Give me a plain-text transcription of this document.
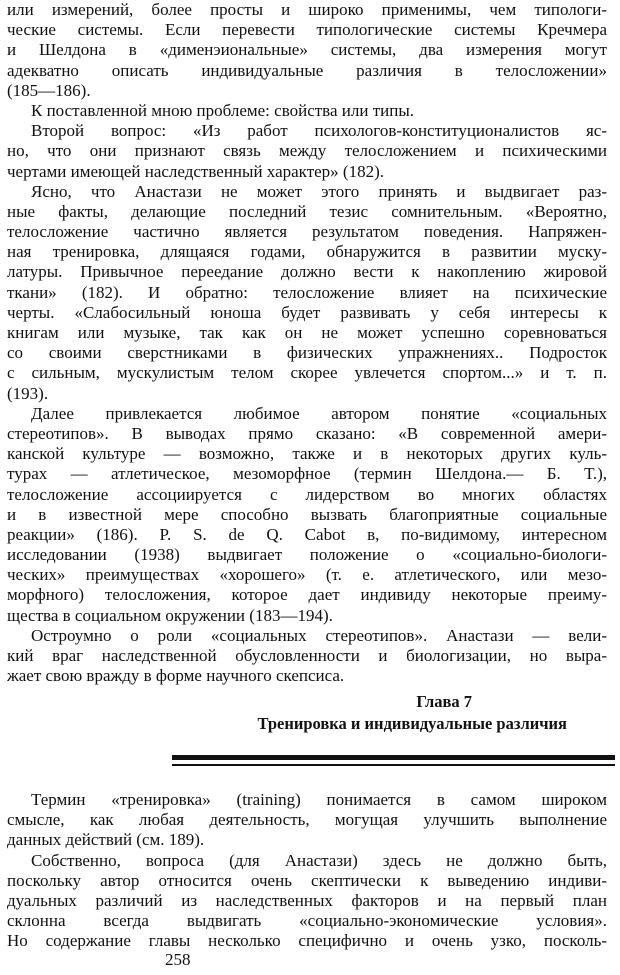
или измерений, более просты и широко применимы, чем типологи-
ческие системы. Если перевести типологические системы Кречмера
и Шелдона в «дименэиональные» системы, два измерения могут
адекватно описать индивидуальные различия в телосложении»
(185—186).
К поставленной мною проблеме: свойства или типы.
Второй вопрос: «Из работ психологов-конституционалистов яс-
но, что они признают связь между телосложением и психическими
чертами имеющей наследственный характер» (182).
Ясно, что Анастази не может этого принять и выдвигает раз-
ные факты, делающие последний тезис сомнительным. «Вероятно,
телосложение частично является результатом поведения. Напряжен-
ная тренировка, длящаяся годами, обнаружится в развитии муску-
латуры. Привычное переедание должно вести к накоплению жировой
ткани» (182). И обратно: телосложение влияет на психические
черты. «Слабосильный юноша будет развивать у себя интересы к
книгам или музыке, так как он не может успешно соревноваться
со своими сверстниками в физических упражнениях.. Подросток
с сильным, мускулистым телом скорее увлечется спортом...» и т. п.
(193).
Далее привлекается любимое автором понятие «социальных
стереотипов». В выводах прямо сказано: «В современной амери-
канской культуре — возможно, также и в некоторых других куль-
турах — атлетическое, мезоморфное (термин Шелдона.— Б. Т.),
телосложение ассоциируется с лидерством во многих областях
и в известной мере способно вызвать благоприятные социальные
реакции» (186). P. S. de Q. Cabot в, по-видимому, интересном
исследовании (1938) выдвигает положение о «социально-биологи-
ческих» преимуществах «хорошего» (т. е. атлетического, или мезо-
морфного) телосложения, которое дает индивиду некоторые преиму-
щества в социальном окружении (183—194).
Остроумно о роли «социальных стереотипов». Анастази — вели-
кий враг наследственной обусловленности и биологизации, но выра-
жает свою вражду в форме научного скепсиса.
Глава 7
Тренировка и индивидуальные различия
Термин «тренировка» (training) понимается в самом широком
смысле, как любая деятельность, могущая улучшить выполнение
данных действий (см. 189).
Собственно, вопроса (для Анастази) здесь не должно быть,
поскольку автор относится очень скептически к выведению индиви-
дуальных различий из наследственных факторов и на первый план
склонна всегда выдвигать «социально-экономические условия».
Но содержание главы несколько специфично и очень узко, посколь-
258
